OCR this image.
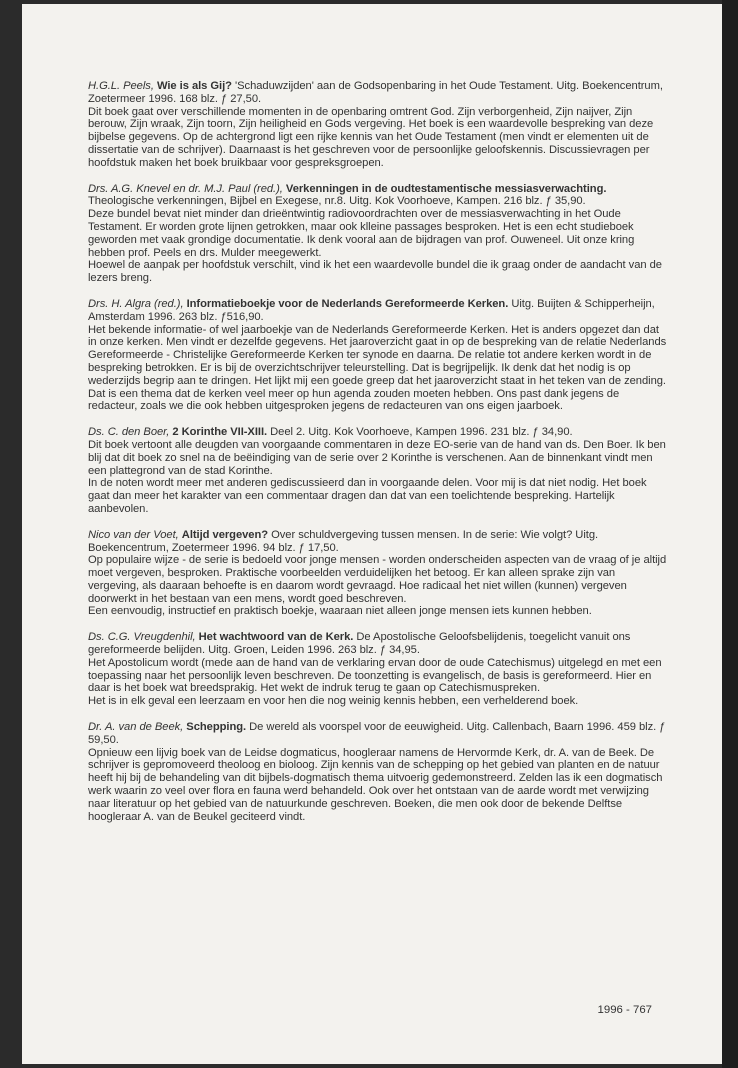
H.G.L. Peels, Wie is als Gij? 'Schaduwzijden' aan de Godsopenbaring in het Oude Testament. Uitg. Boekencentrum, Zoetermeer 1996. 168 blz. ƒ 27,50.

Dit boek gaat over verschillende momenten in de openbaring omtrent God. Zijn verborgenheid, Zijn naijver, Zijn berouw, Zijn wraak, Zijn toorn, Zijn heiligheid en Gods vergeving. Het boek is een waardevolle bespreking van deze bijbelse gegevens. Op de achtergrond ligt een rijke kennis van het Oude Testament (men vindt er elementen uit de dissertatie van de schrijver). Daarnaast is het geschreven voor de persoonlijke geloofskennis. Discussievragen per hoofdstuk maken het boek bruikbaar voor gespreksgroepen.

Drs. A.G. Knevel en dr. M.J. Paul (red.), Verkenningen in de oudtestamentische messiasverwachting. Theologische verkenningen, Bijbel en Exegese, nr.8. Uitg. Kok Voorhoeve, Kampen. 216 blz. ƒ 35,90.

Deze bundel bevat niet minder dan drieëntwintig radiovoordrachten over de messiasverwachting in het Oude Testament. Er worden grote lijnen getrokken, maar ook klleine passages besproken. Het is een echt studieboek geworden met vaak grondige documentatie. Ik denk vooral aan de bijdragen van prof. Ouweneel. Uit onze kring hebben prof. Peels en drs. Mulder meegewerkt.

Hoewel de aanpak per hoofdstuk verschilt, vind ik het een waardevolle bundel die ik graag onder de aandacht van de lezers breng.

Drs. H. Algra (red.), Informatieboekje voor de Nederlands Gereformeerde Kerken. Uitg. Buijten & Schipperheijn, Amsterdam 1996. 263 blz. ƒ516,90.

Het bekende informatie- of wel jaarboekje van de Nederlands Gereformeerde Kerken. Het is anders opgezet dan dat in onze kerken. Men vindt er dezelfde gegevens. Het jaaroverzicht gaat in op de bespreking van de relatie Nederlands Gereformeerde - Christelijke Gereformeerde Kerken ter synode en daarna. De relatie tot andere kerken wordt in de bespreking betrokken. Er is bij de overzichtschrijver teleurstelling. Dat is begrijpelijk. Ik denk dat het nodig is op wederzijds begrip aan te dringen. Het lijkt mij een goede greep dat het jaaroverzicht staat in het teken van de zending. Dat is een thema dat de kerken veel meer op hun agenda zouden moeten hebben. Ons past dank jegens de redacteur, zoals we die ook hebben uitgesproken jegens de redacteuren van ons eigen jaarboek.

Ds. C. den Boer, 2 Korinthe VII-XIII. Deel 2. Uitg. Kok Voorhoeve, Kampen 1996. 231 blz. ƒ 34,90.

Dit boek vertoont alle deugden van voorgaande commentaren in deze EO-serie van de hand van ds. Den Boer. Ik ben blij dat dit boek zo snel na de beëindiging van de serie over 2 Korinthe is verschenen. Aan de binnenkant vindt men een plattegrond van de stad Korinthe.

In de noten wordt meer met anderen gediscussieerd dan in voorgaande delen. Voor mij is dat niet nodig. Het boek gaat dan meer het karakter van een commentaar dragen dan dat van een toelichtende bespreking. Hartelijk aanbevolen.

Nico van der Voet, Altijd vergeven? Over schuldvergeving tussen mensen. In de serie: Wie volgt? Uitg. Boekencentrum, Zoetermeer 1996. 94 blz. ƒ 17,50.

Op populaire wijze - de serie is bedoeld voor jonge mensen - worden onderscheiden aspecten van de vraag of je altijd moet vergeven, besproken. Praktische voorbeelden verduidelijken het betoog. Er kan alleen sprake zijn van vergeving, als daaraan behoefte is en daarom wordt gevraagd. Hoe radicaal het niet willen (kunnen) vergeven doorwerkt in het bestaan van een mens, wordt goed beschreven.

Een eenvoudig, instructief en praktisch boekje, waaraan niet alleen jonge mensen iets kunnen hebben.

Ds. C.G. Vreugdenhil, Het wachtwoord van de Kerk. De Apostolische Geloofsbelijdenis, toegelicht vanuit ons gereformeerde belijden. Uitg. Groen, Leiden 1996. 263 blz. ƒ 34,95.

Het Apostolicum wordt (mede aan de hand van de verklaring ervan door de oude Catechismus) uitgelegd en met een toepassing naar het persoonlijk leven beschreven. De toonzetting is evangelisch, de basis is gereformeerd. Hier en daar is het boek wat breedsprakig. Het wekt de indruk terug te gaan op Catechismuspreken.

Het is in elk geval een leerzaam en voor hen die nog weinig kennis hebben, een verhelderend boek.

Dr. A. van de Beek, Schepping. De wereld als voorspel voor de eeuwigheid. Uitg. Callenbach, Baarn 1996. 459 blz. ƒ 59,50.

Opnieuw een lijvig boek van de Leidse dogmaticus, hoogleraar namens de Hervormde Kerk, dr. A. van de Beek. De schrijver is gepromoveerd theoloog en bioloog. Zijn kennis van de schepping op het gebied van planten en de natuur heeft hij bij de behandeling van dit bijbels-dogmatisch thema uitvoerig gedemonstreerd. Zelden las ik een dogmatisch werk waarin zo veel over flora en fauna werd behandeld. Ook over het ontstaan van de aarde wordt met verwijzing naar literatuur op het gebied van de natuurkunde geschreven. Boeken, die men ook door de bekende Delftse hoogleraar A. van de Beukel geciteerd vindt.

1996 - 767
